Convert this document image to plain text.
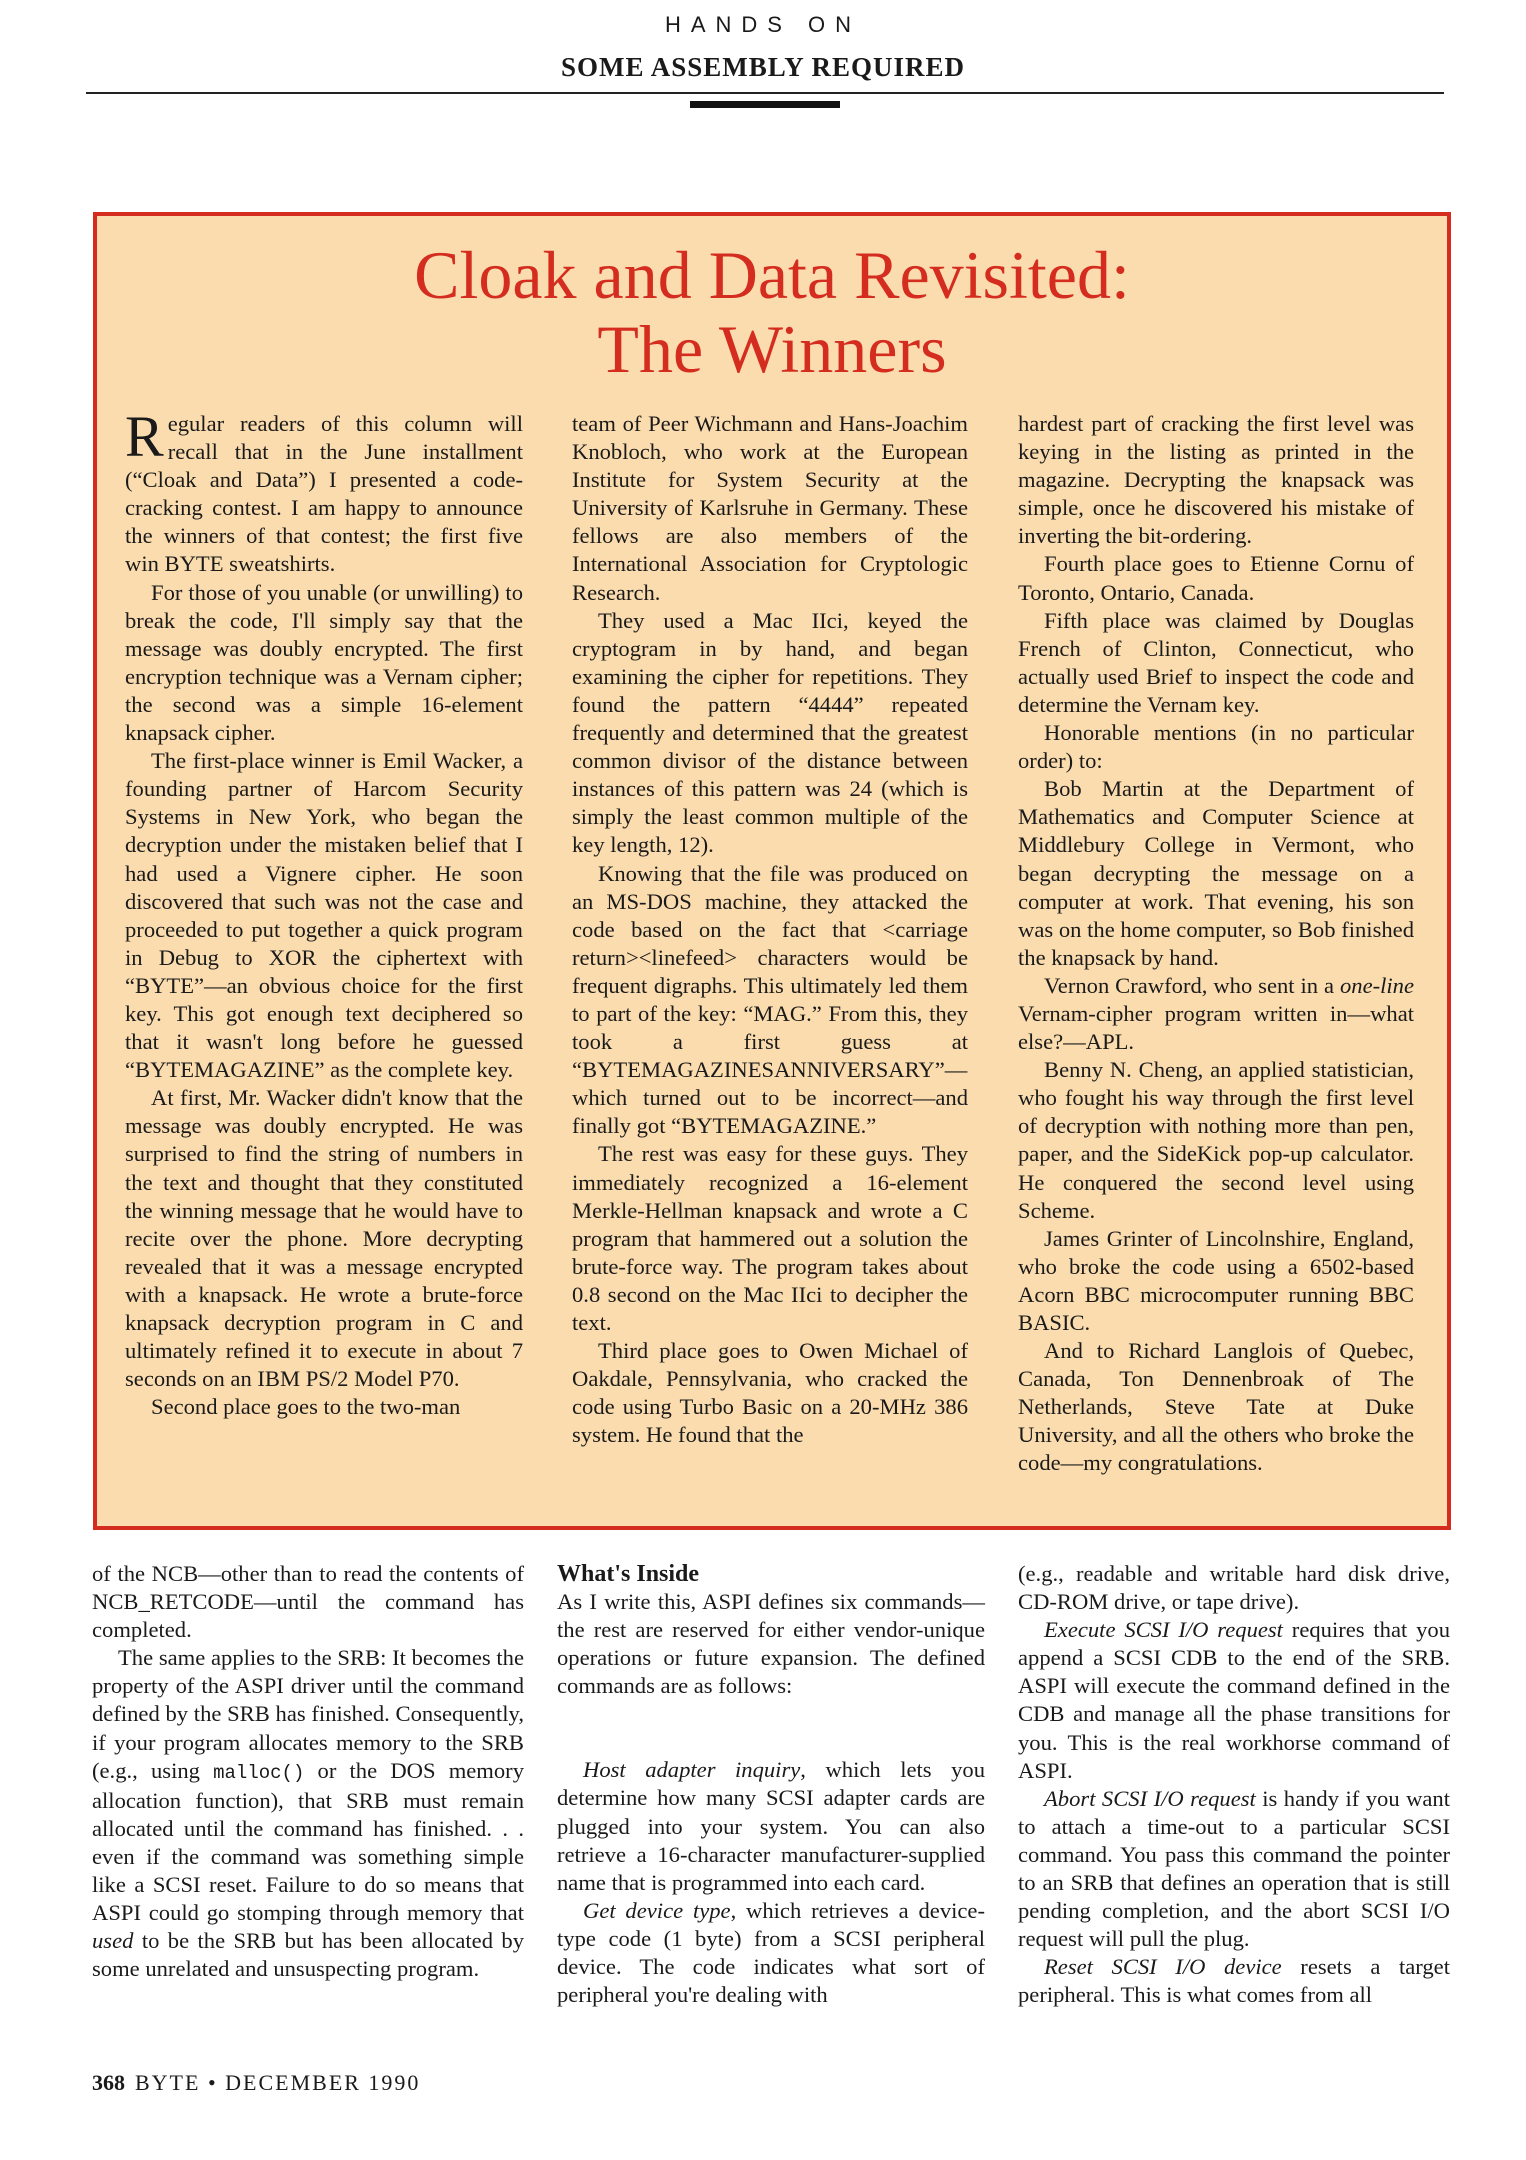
HANDS ON
SOME ASSEMBLY REQUIRED
Cloak and Data Revisited:
The Winners

Regular readers of this column will recall that in the June installment (“Cloak and Data”) I presented a code-cracking contest. I am happy to announce the winners of that contest; the first five win BYTE sweatshirts.

For those of you unable (or unwilling) to break the code, I'll simply say that the message was doubly encrypted. The first encryption technique was a Vernam cipher; the second was a simple 16-element knapsack cipher.

The first-place winner is Emil Wacker, a founding partner of Harcom Security Systems in New York, who began the decryption under the mistaken belief that I had used a Vignere cipher. He soon discovered that such was not the case and proceeded to put together a quick program in Debug to XOR the ciphertext with “BYTE”—an obvious choice for the first key. This got enough text deciphered so that it wasn't long before he guessed “BYTEMAGAZINE” as the complete key.

At first, Mr. Wacker didn't know that the message was doubly encrypted. He was surprised to find the string of numbers in the text and thought that they constituted the winning message that he would have to recite over the phone. More decrypting revealed that it was a message encrypted with a knapsack. He wrote a brute-force knapsack decryption program in C and ultimately refined it to execute in about 7 seconds on an IBM PS/2 Model P70.

Second place goes to the two-man

team of Peer Wichmann and Hans-Joachim Knobloch, who work at the European Institute for System Security at the University of Karlsruhe in Germany. These fellows are also members of the International Association for Cryptologic Research.

They used a Mac IIci, keyed the cryptogram in by hand, and began examining the cipher for repetitions. They found the pattern “4444” repeated frequently and determined that the greatest common divisor of the distance between instances of this pattern was 24 (which is simply the least common multiple of the key length, 12).

Knowing that the file was produced on an MS-DOS machine, they attacked the code based on the fact that <carriage return><linefeed> characters would be frequent digraphs. This ultimately led them to part of the key: “MAG.” From this, they took a first guess at “BYTEMAGAZINESANNIVERSARY”—which turned out to be incorrect—and finally got “BYTEMAGAZINE.”

The rest was easy for these guys. They immediately recognized a 16-element Merkle-Hellman knapsack and wrote a C program that hammered out a solution the brute-force way. The program takes about 0.8 second on the Mac IIci to decipher the text.

Third place goes to Owen Michael of Oakdale, Pennsylvania, who cracked the code using Turbo Basic on a 20-MHz 386 system. He found that the

hardest part of cracking the first level was keying in the listing as printed in the magazine. Decrypting the knapsack was simple, once he discovered his mistake of inverting the bit-ordering.

Fourth place goes to Etienne Cornu of Toronto, Ontario, Canada.

Fifth place was claimed by Douglas French of Clinton, Connecticut, who actually used Brief to inspect the code and determine the Vernam key.

Honorable mentions (in no particular order) to:

Bob Martin at the Department of Mathematics and Computer Science at Middlebury College in Vermont, who began decrypting the message on a computer at work. That evening, his son was on the home computer, so Bob finished the knapsack by hand.

Vernon Crawford, who sent in a one-line Vernam-cipher program written in—what else?—APL.

Benny N. Cheng, an applied statistician, who fought his way through the first level of decryption with nothing more than pen, paper, and the SideKick pop-up calculator. He conquered the second level using Scheme.

James Grinter of Lincolnshire, England, who broke the code using a 6502-based Acorn BBC microcomputer running BBC BASIC.

And to Richard Langlois of Quebec, Canada, Ton Dennenbroak of The Netherlands, Steve Tate at Duke University, and all the others who broke the code—my congratulations.

of the NCB—other than to read the contents of NCB_RETCODE—until the command has completed.

The same applies to the SRB: It becomes the property of the ASPI driver until the command defined by the SRB has finished. Consequently, if your program allocates memory to the SRB (e.g., using malloc() or the DOS memory allocation function), that SRB must remain allocated until the command has finished. . . even if the command was something simple like a SCSI reset. Failure to do so means that ASPI could go stomping through memory that used to be the SRB but has been allocated by some unrelated and unsuspecting program.

What's Inside

As I write this, ASPI defines six commands—the rest are reserved for either vendor-unique operations or future expansion. The defined commands are as follows:

Host adapter inquiry, which lets you determine how many SCSI adapter cards are plugged into your system. You can also retrieve a 16-character manufacturer-supplied name that is programmed into each card.

Get device type, which retrieves a device-type code (1 byte) from a SCSI peripheral device. The code indicates what sort of peripheral you're dealing with

(e.g., readable and writable hard disk drive, CD-ROM drive, or tape drive).

Execute SCSI I/O request requires that you append a SCSI CDB to the end of the SRB. ASPI will execute the command defined in the CDB and manage all the phase transitions for you. This is the real workhorse command of ASPI.

Abort SCSI I/O request is handy if you want to attach a time-out to a particular SCSI command. You pass this command the pointer to an SRB that defines an operation that is still pending completion, and the abort SCSI I/O request will pull the plug.

Reset SCSI I/O device resets a target peripheral. This is what comes from all

368 BYTE • DECEMBER 1990
